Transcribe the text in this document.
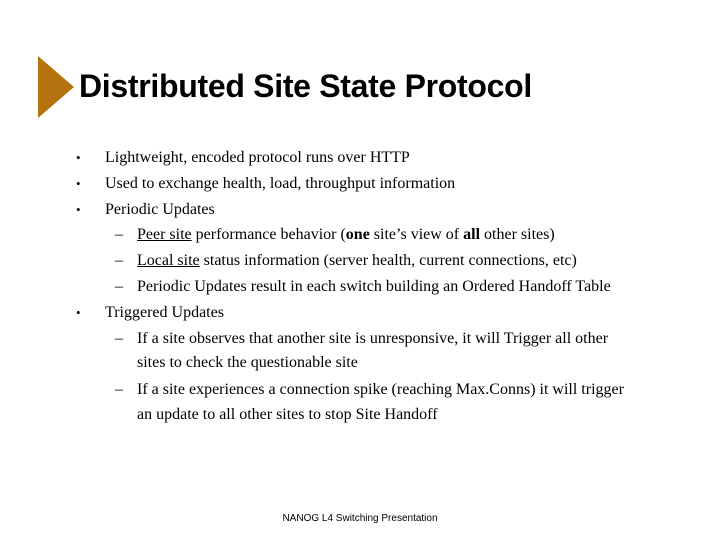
Distributed Site State Protocol
• Lightweight, encoded protocol runs over HTTP
• Used to exchange health, load, throughput information
• Periodic Updates
– Peer site performance behavior (one site’s view of all other sites)
– Local site status information (server health, current connections, etc)
– Periodic Updates result in each switch building an Ordered Handoff Table
• Triggered Updates
– If a site observes that another site is unresponsive, it will Trigger all other
sites to check the questionable site
– If a site experiences a connection spike (reaching Max.Conns) it will trigger
an update to all other sites to stop Site Handoff
NANOG L4 Switching Presentation
